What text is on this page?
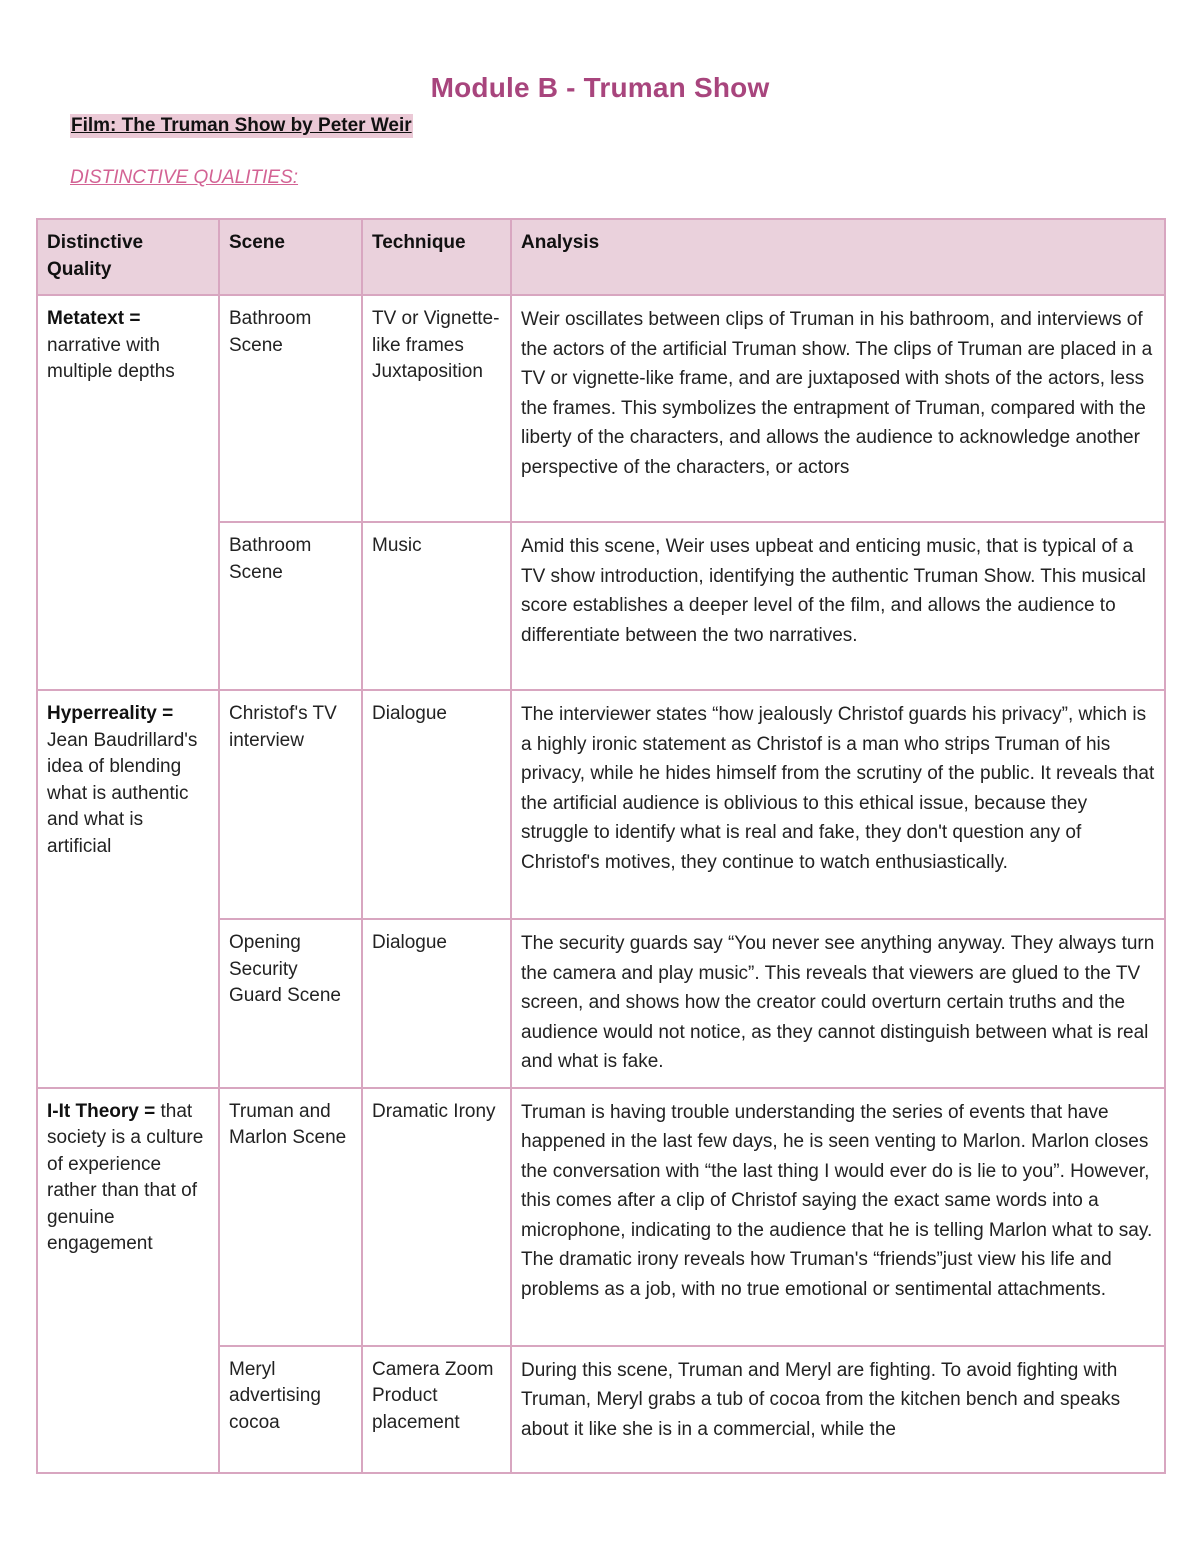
Module B - Truman Show
Film: The Truman Show by Peter Weir
DISTINCTIVE QUALITIES:
Distinctive Quality	Scene	Technique	Analysis
Metatext = narrative with multiple depths	Bathroom Scene	TV or Vignette-like frames Juxtaposition	Weir oscillates between clips of Truman in his bathroom, and interviews of the actors of the artificial Truman show. The clips of Truman are placed in a TV or vignette-like frame, and are juxtaposed with shots of the actors, less the frames. This symbolizes the entrapment of Truman, compared with the liberty of the characters, and allows the audience to acknowledge another perspective of the characters, or actors
	Bathroom Scene	Music	Amid this scene, Weir uses upbeat and enticing music, that is typical of a TV show introduction, identifying the authentic Truman Show. This musical score establishes a deeper level of the film, and allows the audience to differentiate between the two narratives.
Hyperreality = Jean Baudrillard's idea of blending what is authentic and what is artificial	Christof's TV interview	Dialogue	The interviewer states “how jealously Christof guards his privacy”, which is a highly ironic statement as Christof is a man who strips Truman of his privacy, while he hides himself from the scrutiny of the public. It reveals that the artificial audience is oblivious to this ethical issue, because they struggle to identify what is real and fake, they don't question any of Christof's motives, they continue to watch enthusiastically.
	Opening Security Guard Scene	Dialogue	The security guards say “You never see anything anyway. They always turn the camera and play music”. This reveals that viewers are glued to the TV screen, and shows how the creator could overturn certain truths and the audience would not notice, as they cannot distinguish between what is real and what is fake.
I-It Theory = that society is a culture of experience rather than that of genuine engagement	Truman and Marlon Scene	Dramatic Irony	Truman is having trouble understanding the series of events that have happened in the last few days, he is seen venting to Marlon. Marlon closes the conversation with “the last thing I would ever do is lie to you”. However, this comes after a clip of Christof saying the exact same words into a microphone, indicating to the audience that he is telling Marlon what to say. The dramatic irony reveals how Truman's “friends”just view his life and problems as a job, with no true emotional or sentimental attachments.
	Meryl advertising cocoa	Camera Zoom Product placement	During this scene, Truman and Meryl are fighting. To avoid fighting with Truman, Meryl grabs a tub of cocoa from the kitchen bench and speaks about it like she is in a commercial, while the
